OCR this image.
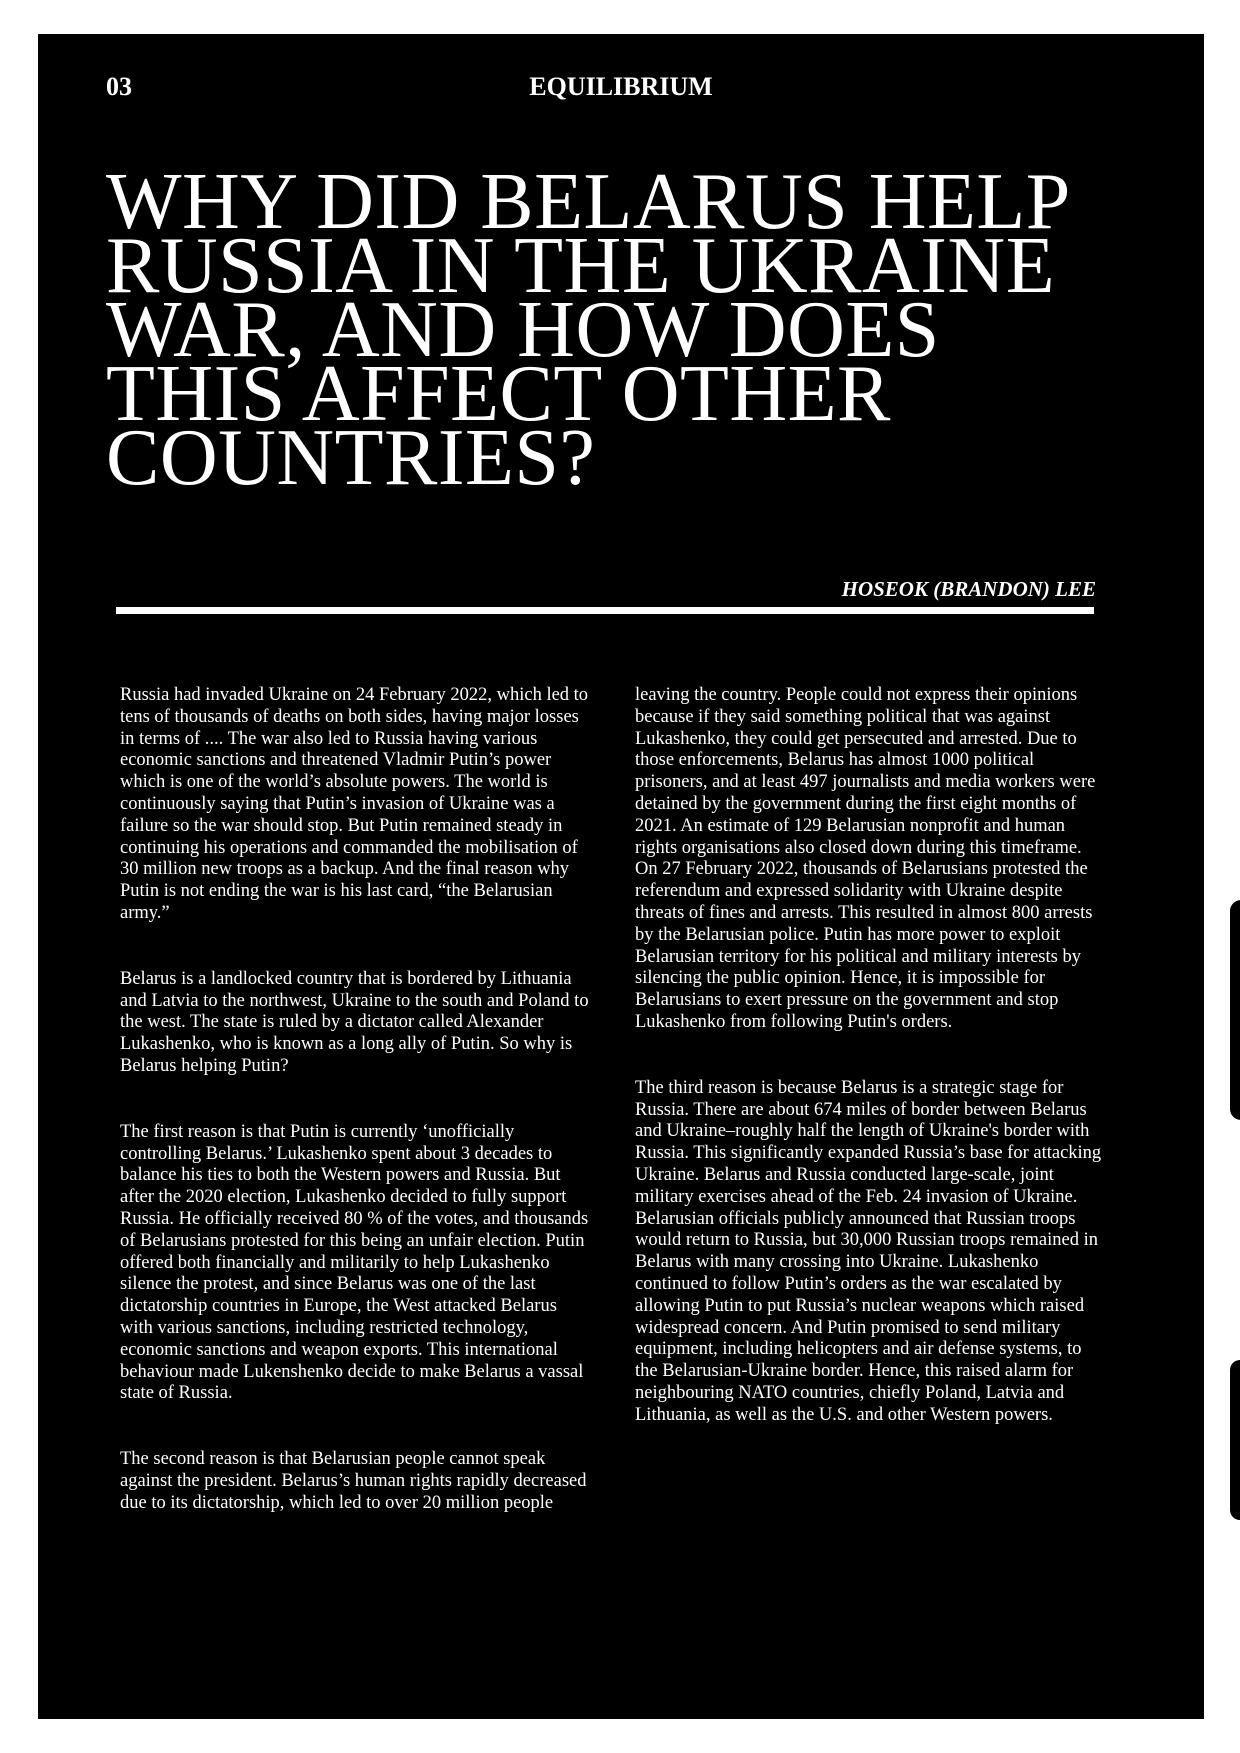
03	EQUILIBRIUM
WHY DID BELARUS HELP
RUSSIA IN THE UKRAINE
WAR, AND HOW DOES
THIS AFFECT OTHER
COUNTRIES?
HOSEOK (BRANDON) LEE

Russia had invaded Ukraine on 24 February 2022, which led to tens of thousands of deaths on both sides, having major losses in terms of .... The war also led to Russia having various economic sanctions and threatened Vladmir Putin’s power which is one of the world’s absolute powers. The world is continuously saying that Putin’s invasion of Ukraine was a failure so the war should stop. But Putin remained steady in continuing his operations and commanded the mobilisation of 30 million new troops as a backup. And the final reason why Putin is not ending the war is his last card, “the Belarusian army.”

Belarus is a landlocked country that is bordered by Lithuania and Latvia to the northwest, Ukraine to the south and Poland to the west. The state is ruled by a dictator called Alexander Lukashenko, who is known as a long ally of Putin. So why is Belarus helping Putin?

The first reason is that Putin is currently ‘unofficially controlling Belarus.’ Lukashenko spent about 3 decades to balance his ties to both the Western powers and Russia. But after the 2020 election, Lukashenko decided to fully support Russia. He officially received 80 % of the votes, and thousands of Belarusians protested for this being an unfair election. Putin offered both financially and militarily to help Lukashenko silence the protest, and since Belarus was one of the last dictatorship countries in Europe, the West attacked Belarus with various sanctions, including restricted technology, economic sanctions and weapon exports. This international behaviour made Lukenshenko decide to make Belarus a vassal state of Russia.

The second reason is that Belarusian people cannot speak against the president. Belarus’s human rights rapidly decreased due to its dictatorship, which led to over 20 million people

leaving the country. People could not express their opinions because if they said something political that was against Lukashenko, they could get persecuted and arrested. Due to those enforcements, Belarus has almost 1000 political prisoners, and at least 497 journalists and media workers were detained by the government during the first eight months of 2021. An estimate of 129 Belarusian nonprofit and human rights organisations also closed down during this timeframe. On 27 February 2022, thousands of Belarusians protested the referendum and expressed solidarity with Ukraine despite threats of fines and arrests. This resulted in almost 800 arrests by the Belarusian police. Putin has more power to exploit Belarusian territory for his political and military interests by silencing the public opinion. Hence, it is impossible for Belarusians to exert pressure on the government and stop Lukashenko from following Putin's orders.

The third reason is because Belarus is a strategic stage for Russia. There are about 674 miles of border between Belarus and Ukraine–roughly half the length of Ukraine's border with Russia. This significantly expanded Russia’s base for attacking Ukraine. Belarus and Russia conducted large-scale, joint military exercises ahead of the Feb. 24 invasion of Ukraine. Belarusian officials publicly announced that Russian troops would return to Russia, but 30,000 Russian troops remained in Belarus with many crossing into Ukraine. Lukashenko continued to follow Putin’s orders as the war escalated by allowing Putin to put Russia’s nuclear weapons which raised widespread concern. And Putin promised to send military equipment, including helicopters and air defense systems, to the Belarusian-Ukraine border. Hence, this raised alarm for neighbouring NATO countries, chiefly Poland, Latvia and Lithuania, as well as the U.S. and other Western powers.
